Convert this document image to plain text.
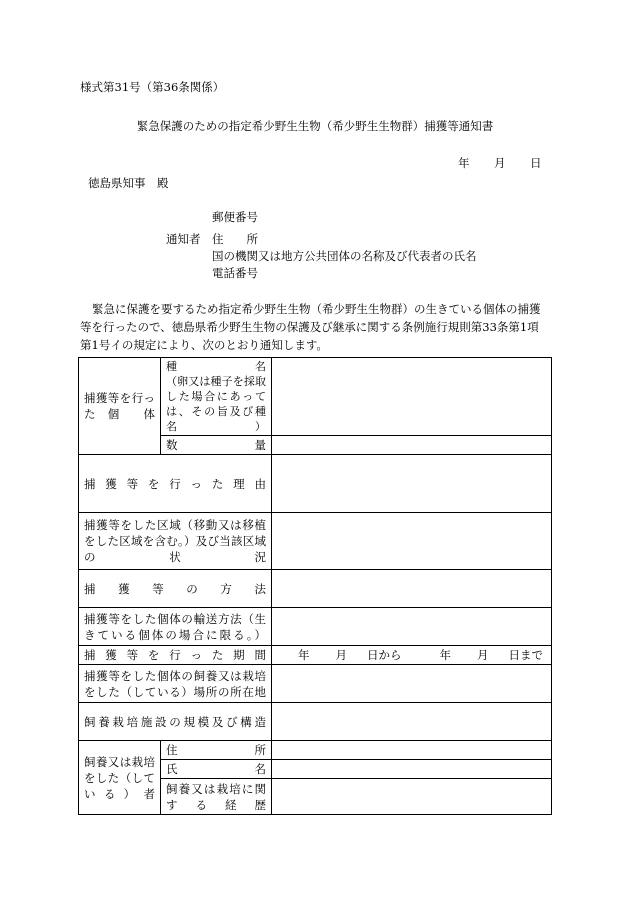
様式第31号（第36条関係）
緊急保護のための指定希少野生生物（希少野生生物群）捕獲等通知書
年 月 日
徳島県知事　殿
郵便番号
通知者 住　　所
国の機関又は地方公共団体の名称及び代表者の氏名
電話番号
緊急に保護を要するため指定希少野生生物（希少野生生物群）の生きている個体の捕獲等を行ったので、徳島県希少野生生物の保護及び継承に関する条例施行規則第33条第1項第1号イの規定により、次のとおり通知します。
捕獲等を行った　個　　体	種　　　　　名
（卵又は種子を採取した場合にあっては、その旨及び種名）	

	数　　　　　量	
捕獲等を行った理由		
捕獲等をした区域（移動又は移植をした区域を含む。）及び当該区域の状況		
捕獲等の方法		
捕獲等をした個体の輸送方法（生きている個体の場合に限る。）		
捕獲等を行った期間		年 月 日から 年 月 日まで
捕獲等をした個体の飼養又は栽培をした（している）場所の所在地		
飼養栽培施設の規模及び構造		
飼養又は栽培をした（している）者	住　　　　　所	
	氏　　　　　名	
	飼養又は栽培に関する経歴	
